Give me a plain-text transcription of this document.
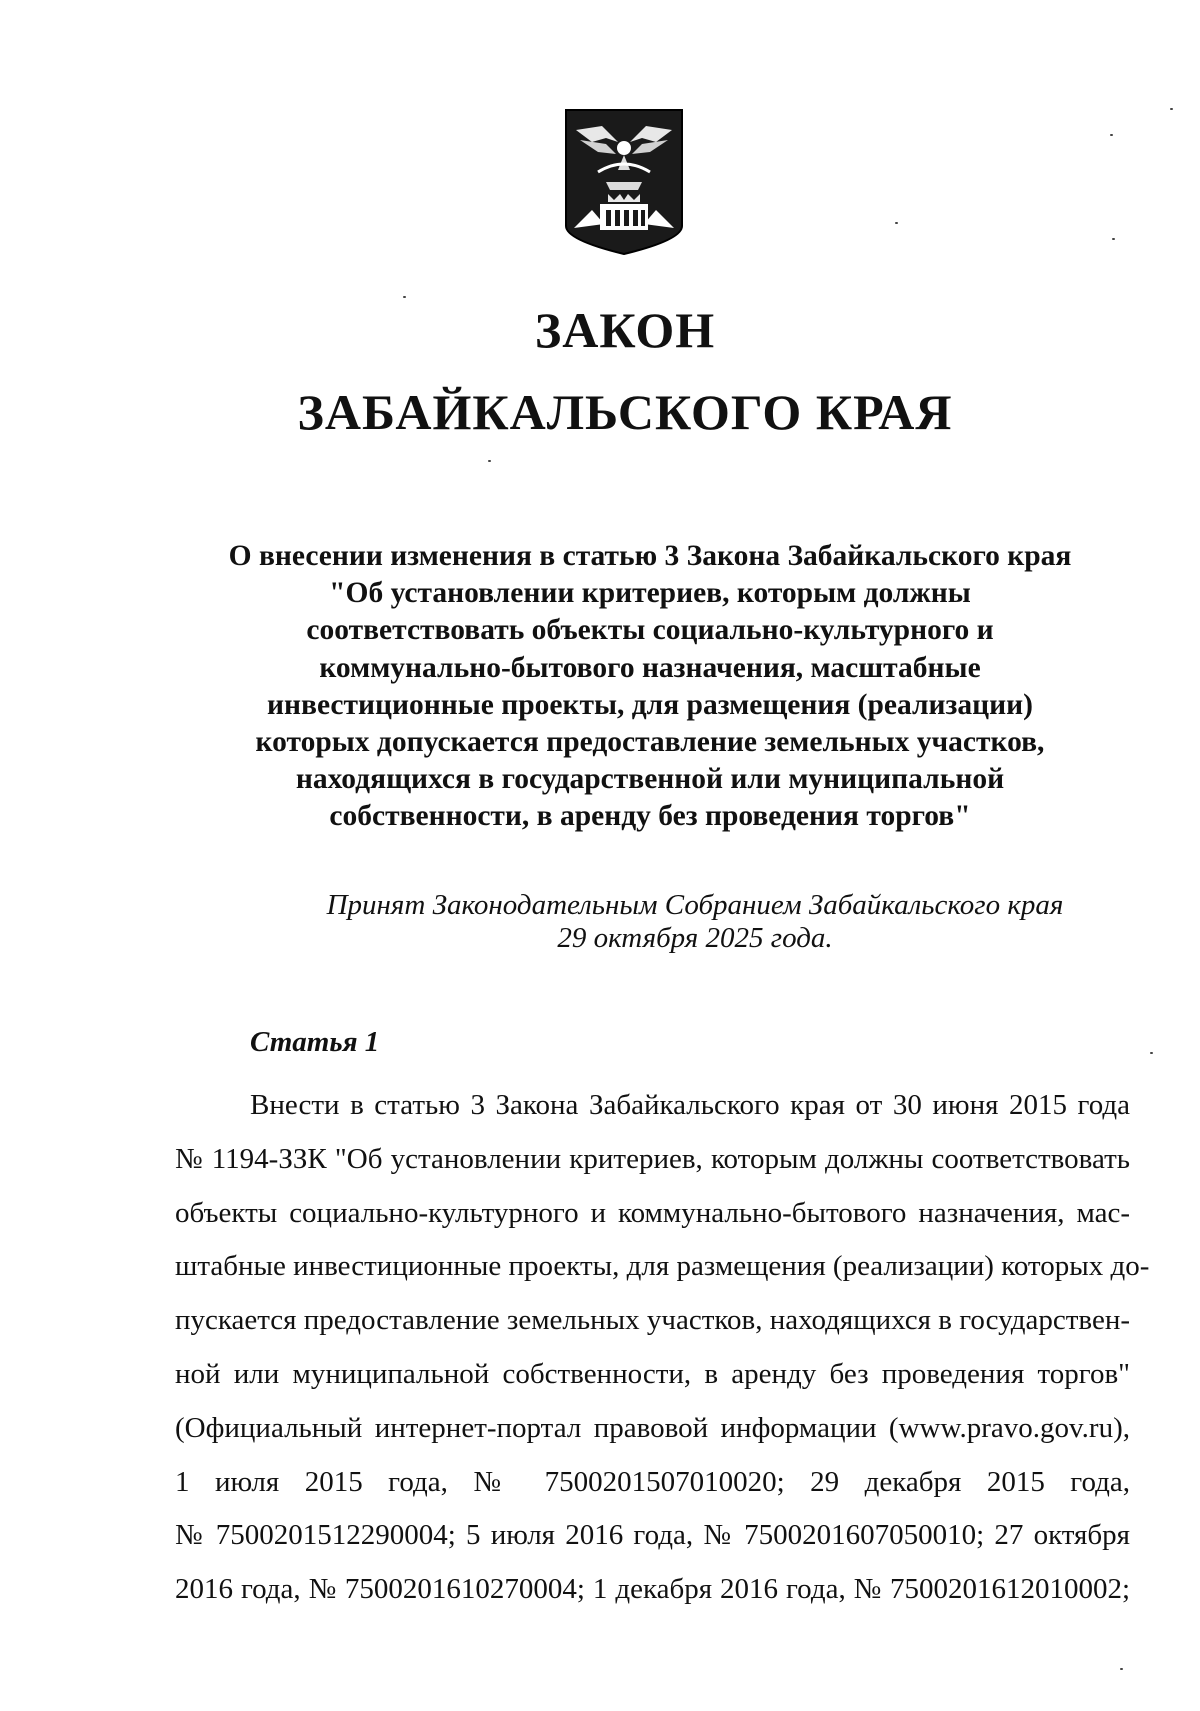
ЗАКОН
ЗАБАЙКАЛЬСКОГО КРАЯ
О внесении изменения в статью 3 Закона Забайкальского края
"Об установлении критериев, которым должны
соответствовать объекты социально-культурного и
коммунально-бытового назначения, масштабные
инвестиционные проекты, для размещения (реализации)
которых допускается предоставление земельных участков,
находящихся в государственной или муниципальной
собственности, в аренду без проведения торгов"
Принят Законодательным Собранием Забайкальского края
29 октября 2025 года.
Статья 1
Внести в статью 3 Закона Забайкальского края от 30 июня 2015 года
№ 1194-ЗЗК "Об установлении критериев, которым должны соответствовать
объекты социально-культурного и коммунально-бытового назначения, мас-
штабные инвестиционные проекты, для размещения (реализации) которых до-
пускается предоставление земельных участков, находящихся в государствен-
ной или муниципальной собственности, в аренду без проведения торгов"
(Официальный интернет-портал правовой информации (www.pravo.gov.ru),
1 июля 2015 года, № 7500201507010020; 29 декабря 2015 года,
№ 7500201512290004; 5 июля 2016 года, № 7500201607050010; 27 октября
2016 года, № 7500201610270004; 1 декабря 2016 года, № 7500201612010002;
